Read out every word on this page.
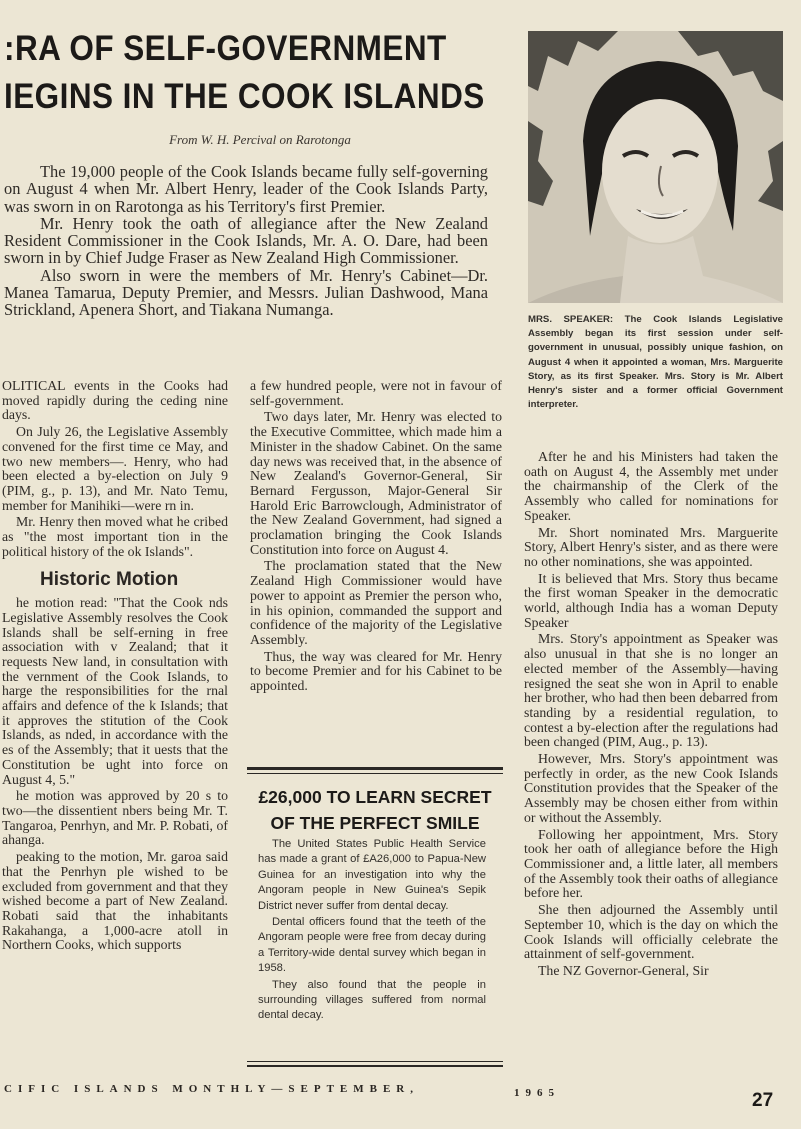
:RA OF SELF-GOVERNMENT
IEGINS IN THE COOK ISLANDS
From W. H. Percival on Rarotonga

The 19,000 people of the Cook Islands became fully self-governing on August 4 when Mr. Albert Henry, leader of the Cook Islands Party, was sworn in on Rarotonga as his Territory's first Premier.

Mr. Henry took the oath of allegiance after the New Zealand Resident Commissioner in the Cook Islands, Mr. A. O. Dare, had been sworn in by Chief Judge Fraser as New Zealand High Commissioner.

Also sworn in were the members of Mr. Henry's Cabinet—Dr. Manea Tamarua, Deputy Premier, and Messrs. Julian Dashwood, Mana Strickland, Apenera Short, and Tiakana Numanga.

OLITICAL events in the Cooks had moved rapidly during the ceding nine days.

On July 26, the Legislative Assembly convened for the first time ce May, and two new members—. Henry, who had been elected a by-election on July 9 (PIM, g., p. 13), and Mr. Nato Temu, member for Manihiki—were rn in.

Mr. Henry then moved what he cribed as "the most important tion in the political history of the ok Islands".

Historic Motion

he motion read: "That the Cook nds Legislative Assembly resolves the Cook Islands shall be self-erning in free association with v Zealand; that it requests New land, in consultation with the vernment of the Cook Islands, to harge the responsibilities for the rnal affairs and defence of the k Islands; that it approves the stitution of the Cook Islands, as nded, in accordance with the es of the Assembly; that it uests that the Constitution be ught into force on August 4, 5."

he motion was approved by 20 s to two—the dissentient nbers being Mr. T. Tangaroa, Penrhyn, and Mr. P. Robati, of ahanga.

peaking to the motion, Mr. garoa said that the Penrhyn ple wished to be excluded from government and that they wished become a part of New Zealand. Robati said that the inhabitants Rakahanga, a 1,000-acre atoll in Northern Cooks, which supports

a few hundred people, were not in favour of self-government.

Two days later, Mr. Henry was elected to the Executive Committee, which made him a Minister in the shadow Cabinet. On the same day news was received that, in the absence of New Zealand's Governor-General, Sir Bernard Fergusson, Major-General Sir Harold Eric Barrowclough, Administrator of the New Zealand Government, had signed a proclamation bringing the Cook Islands Constitution into force on August 4.

The proclamation stated that the New Zealand High Commissioner would have power to appoint as Premier the person who, in his opinion, commanded the support and confidence of the majority of the Legislative Assembly.

Thus, the way was cleared for Mr. Henry to become Premier and for his Cabinet to be appointed.

£26,000 TO LEARN SECRET
OF THE PERFECT SMILE

The United States Public Health Service has made a grant of £A26,000 to Papua-New Guinea for an investigation into why the Angoram people in New Guinea's Sepik District never suffer from dental decay.

Dental officers found that the teeth of the Angoram people were free from decay during a Territory-wide dental survey which began in 1958.

They also found that the people in surrounding villages suffered from normal dental decay.

MRS. SPEAKER: The Cook Islands Legislative Assembly began its first session under self-government in unusual, possibly unique fashion, on August 4 when it appointed a woman, Mrs. Marguerite Story, as its first Speaker. Mrs. Story is Mr. Albert Henry's sister and a former official Government interpreter.

After he and his Ministers had taken the oath on August 4, the Assembly met under the chairmanship of the Clerk of the Assembly who called for nominations for Speaker.

Mr. Short nominated Mrs. Marguerite Story, Albert Henry's sister, and as there were no other nominations, she was appointed.

It is believed that Mrs. Story thus became the first woman Speaker in the democratic world, although India has a woman Deputy Speaker

Mrs. Story's appointment as Speaker was also unusual in that she is no longer an elected member of the Assembly—having resigned the seat she won in April to enable her brother, who had then been debarred from standing by a residential regulation, to contest a by-election after the regulations had been changed (PIM, Aug., p. 13).

However, Mrs. Story's appointment was perfectly in order, as the new Cook Islands Constitution provides that the Speaker of the Assembly may be chosen either from within or without the Assembly.

Following her appointment, Mrs. Story took her oath of allegiance before the High Commissioner and, a little later, all members of the Assembly took their oaths of allegiance before her.

She then adjourned the Assembly until September 10, which is the day on which the Cook Islands will officially celebrate the attainment of self-government.

The NZ Governor-General, Sir

CIFIC ISLANDS MONTHLY—SEPTEMBER,	1965	27
